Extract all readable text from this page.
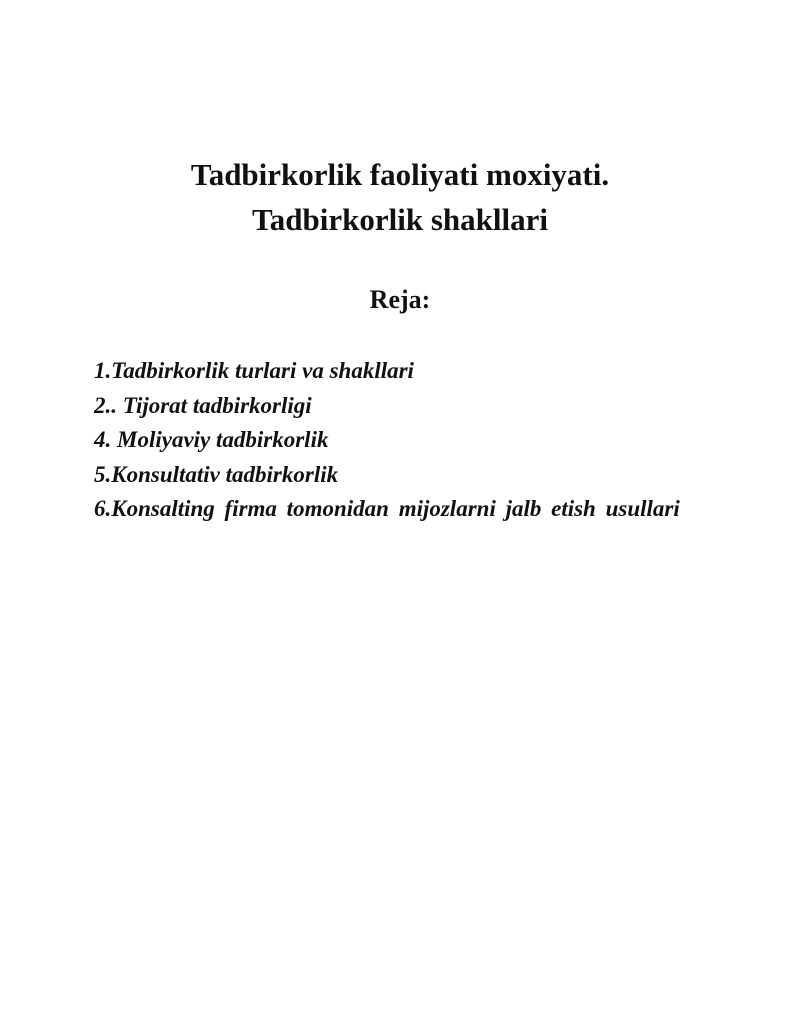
Tadbirkorlik faoliyati moxiyati.
Tadbirkorlik shakllari
Reja:
1.Tadbirkorlik turlari va shakllari
2.. Tijorat tadbirkorligi
4. Moliyaviy tadbirkorlik
5.Konsultativ tadbirkorlik
6.Konsalting firma tomonidan mijozlarni jalb etish usullari
